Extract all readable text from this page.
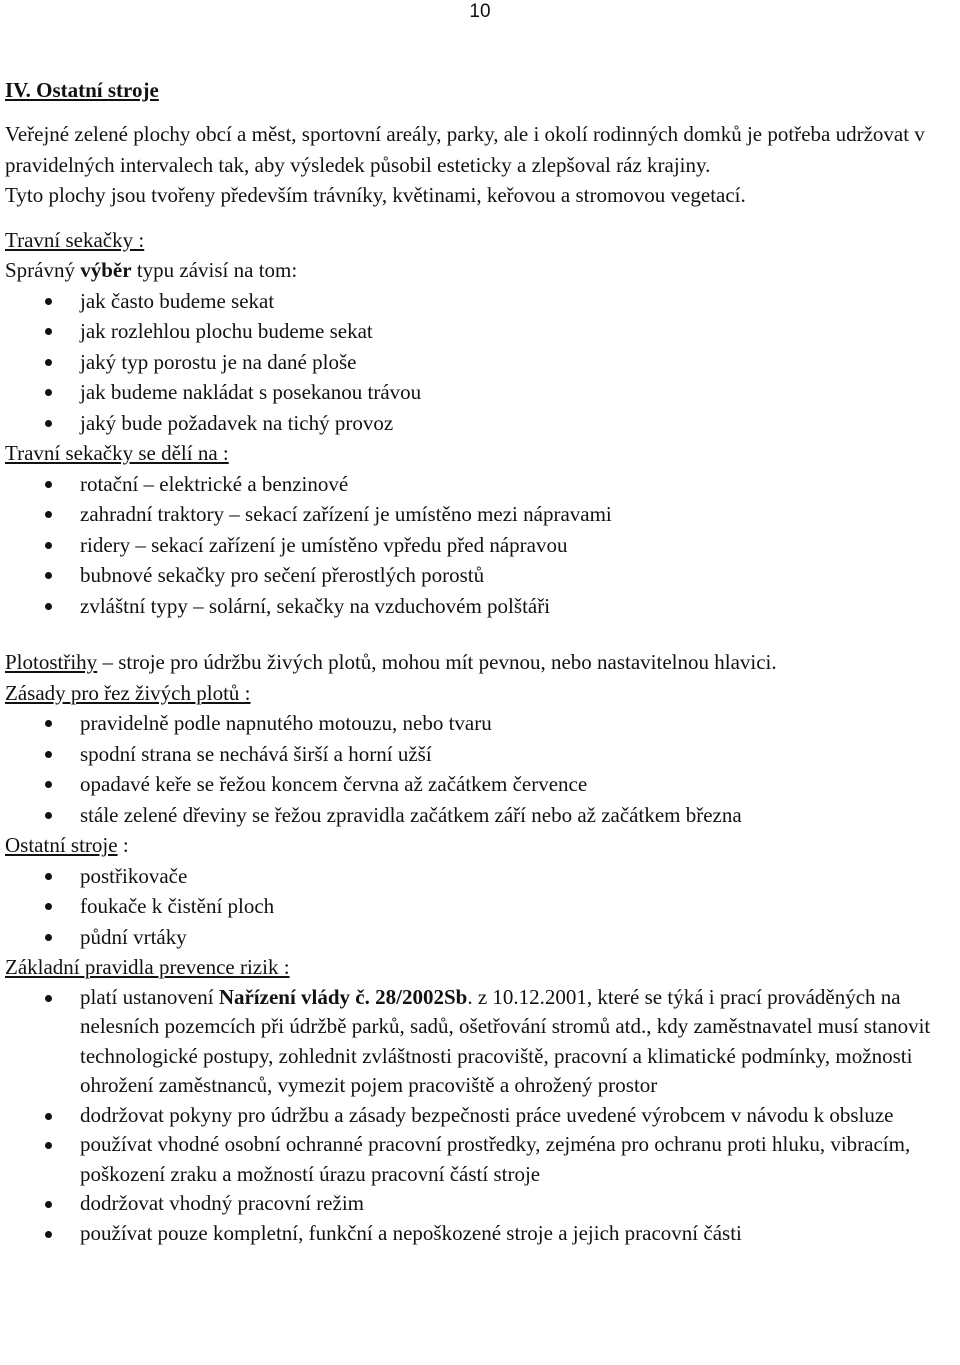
10
IV. Ostatní stroje

Veřejné zelené plochy obcí a měst, sportovní areály, parky, ale i okolí rodinných domků je potřeba udržovat v pravidelných intervalech tak, aby výsledek působil esteticky a zlepšoval ráz krajiny.

Tyto plochy jsou tvořeny především trávníky, květinami, keřovou a stromovou vegetací.

Travní sekačky :
Správný výběr typu závisí na tom:
jak často budeme sekat
jak rozlehlou plochu budeme sekat
jaký typ porostu je na dané ploše
jak budeme nakládat s posekanou trávou
jaký bude požadavek na tichý provoz
Travní sekačky se dělí na :
rotační – elektrické a benzinové
zahradní traktory – sekací zařízení je umístěno mezi nápravami
ridery – sekací zařízení je umístěno vpředu před nápravou
bubnové sekačky pro sečení přerostlých porostů
zvláštní typy – solární, sekačky na vzduchovém polštáři
Plotostřihy – stroje pro údržbu živých plotů, mohou mít pevnou, nebo nastavitelnou hlavici.
Zásady pro řez živých plotů :
pravidelně podle napnutého motouzu, nebo tvaru
spodní strana se nechává širší a horní užší
opadavé keře se řežou koncem června až začátkem července
stále zelené dřeviny se řežou zpravidla začátkem září nebo až začátkem března
Ostatní stroje :
postřikovače
foukače k čistění ploch
půdní vrtáky
Základní pravidla prevence rizik :
platí ustanovení Nařízení vlády č. 28/2002Sb. z 10.12.2001, které se týká i prací prováděných na nelesních pozemcích při údržbě parků, sadů, ošetřování stromů atd., kdy zaměstnavatel musí stanovit technologické postupy, zohlednit zvláštnosti pracoviště, pracovní a klimatické podmínky, možnosti ohrožení zaměstnanců, vymezit pojem pracoviště a ohrožený prostor
dodržovat pokyny pro údržbu a zásady bezpečnosti práce uvedené výrobcem v návodu k obsluze
používat vhodné osobní ochranné pracovní prostředky, zejména pro ochranu proti hluku, vibracím, poškození zraku a možností úrazu pracovní částí stroje
dodržovat vhodný pracovní režim
používat pouze kompletní, funkční a nepoškozené stroje a jejich pracovní části
